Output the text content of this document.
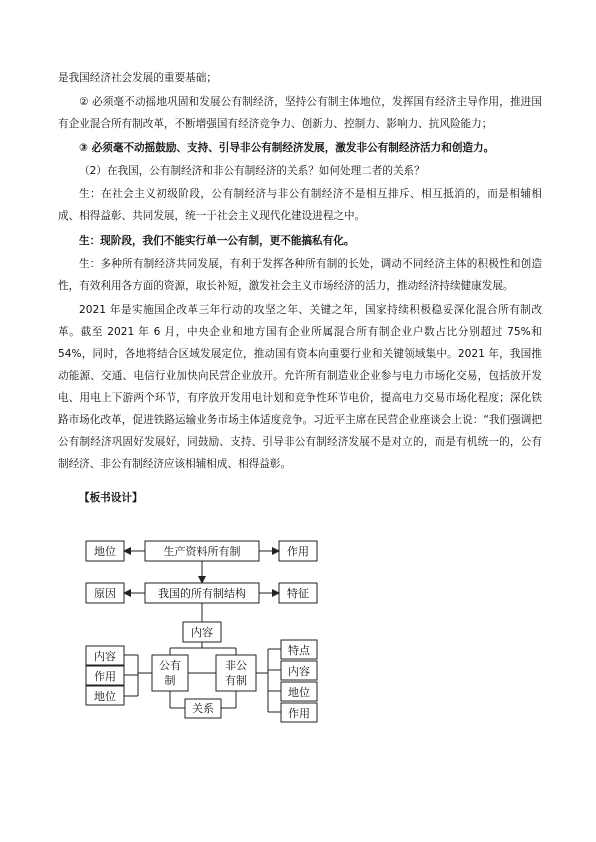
是我国经济社会发展的重要基础；
② 必须毫不动摇地巩固和发展公有制经济，坚持公有制主体地位，发挥国有经济主导作用，推进国有企业混合所有制改革，不断增强国有经济竞争力、创新力、控制力、影响力、抗风险能力；
③ 必须毫不动摇鼓励、支持、引导非公有制经济发展，激发非公有制经济活力和创造力。
（2）在我国，公有制经济和非公有制经济的关系？如何处理二者的关系？
生：在社会主义初级阶段，公有制经济与非公有制经济不是相互排斥、相互抵消的，而是相辅相成、相得益彰、共同发展，统一于社会主义现代化建设进程之中。
生：现阶段，我们不能实行单一公有制，更不能搞私有化。
生：多种所有制经济共同发展，有利于发挥各种所有制的长处，调动不同经济主体的积极性和创造性，有效利用各方面的资源，取长补短，激发社会主义市场经济的活力，推动经济持续健康发展。
2021 年是实施国企改革三年行动的攻坚之年、关键之年，国家持续积极稳妥深化混合所有制改革。截至 2021 年 6 月，中央企业和地方国有企业所属混合所有制企业户数占比分别超过 75%和 54%，同时，各地将结合区域发展定位，推动国有资本向重要行业和关键领域集中。2021 年，我国推动能源、交通、电信行业加快向民营企业放开。允许所有制造业企业参与电力市场化交易，包括放开发电、用电上下游两个环节，有序放开发用电计划和竞争性环节电价，提高电力交易市场化程度；深化铁路市场化改革，促进铁路运输业务市场主体适度竞争。习近平主席在民营企业座谈会上说：“我们强调把公有制经济巩固好发展好，同鼓励、支持、引导非公有制经济发展不是对立的，而是有机统一的，公有制经济、非公有制经济应该相辅相成、相得益彰。
【板书设计】
地位	生产资料所有制	作用
原因	我国的所有制结构	特征
内容
公有
制
非公
有制
关系
内容
作用
地位
特点
内容
地位
作用
